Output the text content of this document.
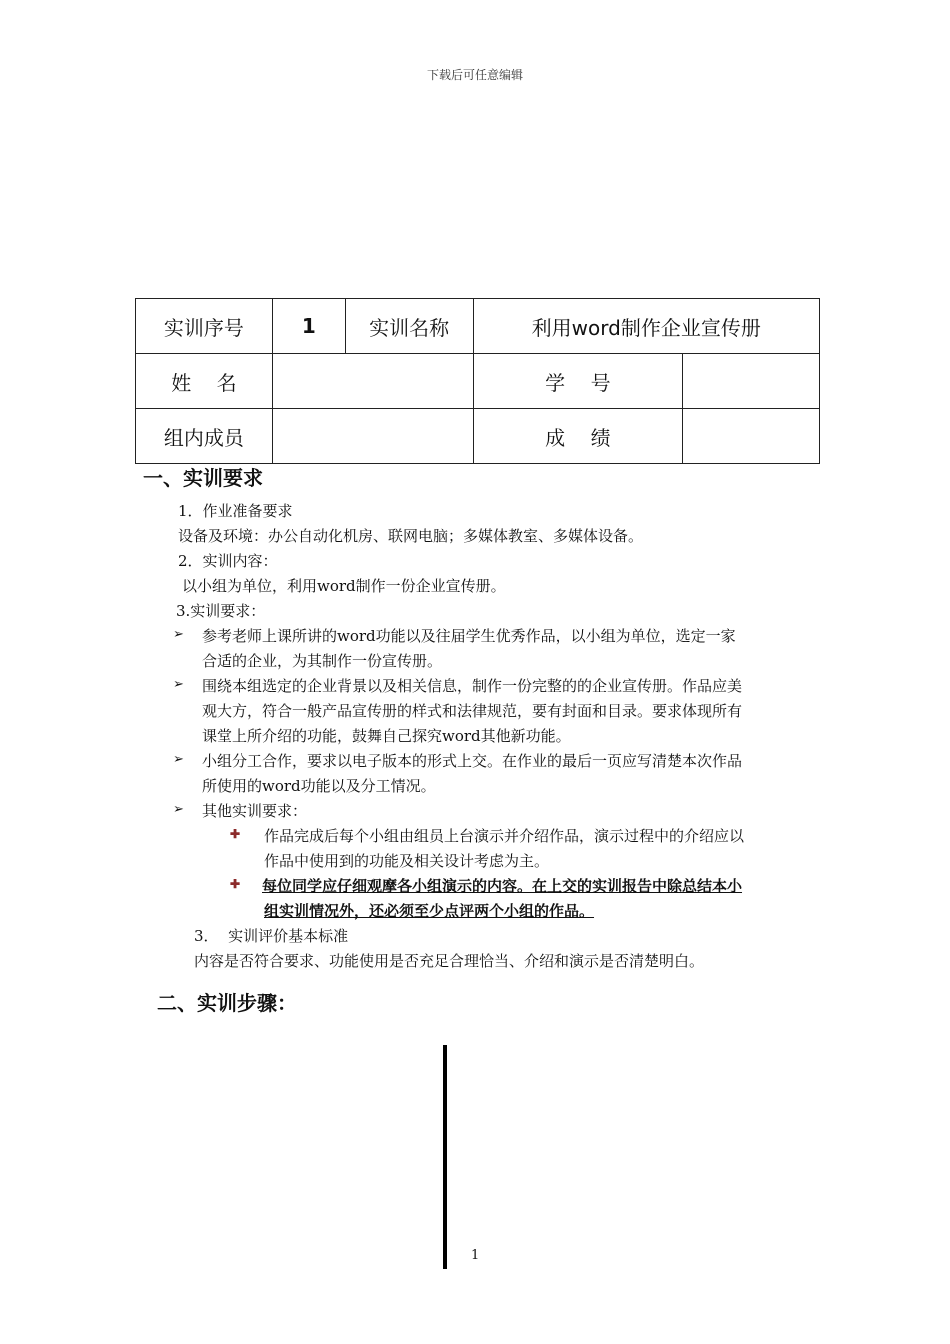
下载后可任意编辑
实训序号	1	实训名称	利用word制作企业宣传册	
姓    名			学    号	
组内成员			成    绩	
一、实训要求
1．作业准备要求
设备及环境：办公自动化机房、联网电脑；多媒体教室、多媒体设备。
2．实训内容：
以小组为单位，利用word制作一份企业宣传册。
3.实训要求：
➢ 参考老师上课所讲的word功能以及往届学生优秀作品，以小组为单位，选定一家
合适的企业，为其制作一份宣传册。
➢ 围绕本组选定的企业背景以及相关信息，制作一份完整的的企业宣传册。作品应美
观大方，符合一般产品宣传册的样式和法律规范，要有封面和目录。要求体现所有
课堂上所介绍的功能，鼓舞自己探究word其他新功能。
➢ 小组分工合作，要求以电子版本的形式上交。在作业的最后一页应写清楚本次作品
所使用的word功能以及分工情况。
➢ 其他实训要求：
✚ 作品完成后每个小组由组员上台演示并介绍作品，演示过程中的介绍应以
作品中使用到的功能及相关设计考虑为主。
✚ 每位同学应仔细观摩各小组演示的内容。在上交的实训报告中除总结本小
组实训情况外，还必须至少点评两个小组的作品。
3．  实训评价基本标准
内容是否符合要求、功能使用是否充足合理恰当、介绍和演示是否清楚明白。
二、实训步骤：
1
